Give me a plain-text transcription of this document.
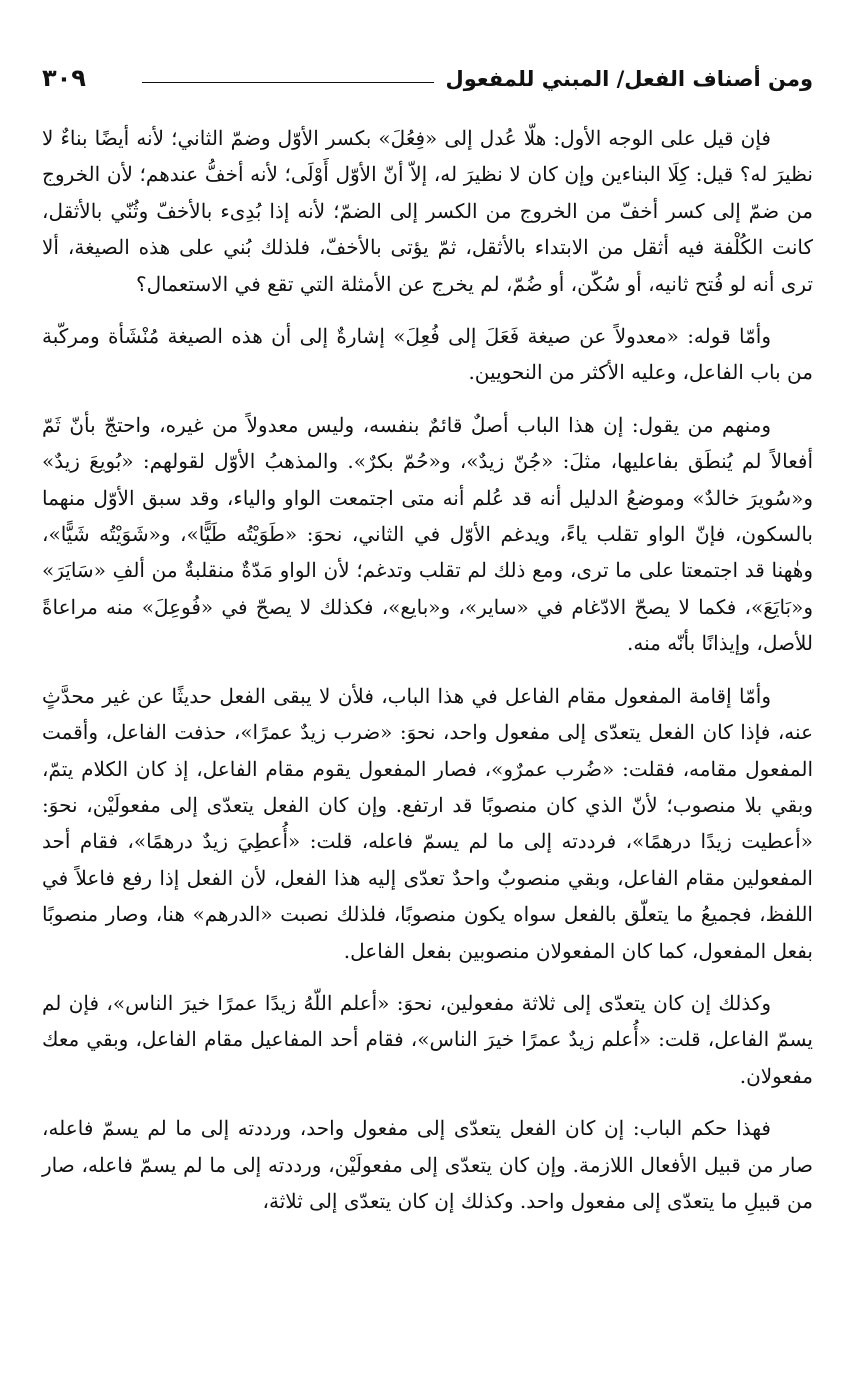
ومن أصناف الفعل/ المبني للمفعول
٣٠٩

فإن قيل على الوجه الأول: هلّا عُدل إلى «فِعُلَ» بكسر الأوّل وضمّ الثاني؛ لأنه أيضًا بناءٌ لا نظيرَ له؟ قيل: كِلَا البناءين وإن كان لا نظيرَ له، إلاّ أنّ الأوّل أَوْلَى؛ لأنه أخفُّ عندهم؛ لأن الخروج من ضمّ إلى كسر أخفّ من الخروج من الكسر إلى الضمّ؛ لأنه إذا بُدِىء بالأخفّ وثُنّي بالأثقل، كانت الكُلْفة فيه أثقل من الابتداء بالأثقل، ثمّ يؤتى بالأخفّ، فلذلك بُني على هذه الصيغة، ألا ترى أنه لو فُتح ثانيه، أو سُكّن، أو ضُمّ، لم يخرج عن الأمثلة التي تقع في الاستعمال؟

وأمّا قوله: «معدولاً عن صيغة فَعَلَ إلى فُعِلَ» إشارةٌ إلى أن هذه الصيغة مُنْشَأة ومركّبة من باب الفاعل، وعليه الأكثر من النحويين.

ومنهم من يقول: إن هذا الباب أصلٌ قائمٌ بنفسه، وليس معدولاً من غيره، واحتجّ بأنّ ثَمّ أفعالاً لم يُنطَق بفاعليها، مثلَ: «جُنّ زيدٌ»، و«حُمّ بكرٌ». والمذهبُ الأوّل لقولهم: «بُويعَ زيدٌ» و«سُويرَ خالدٌ» وموضعُ الدليل أنه قد عُلم أنه متى اجتمعت الواو والياء، وقد سبق الأوّل منهما بالسكون، فإنّ الواو تقلب ياءً، ويدغم الأوّل في الثاني، نحوَ: «طَوَيْتُه طَيًّا»، و«شَوَيْتُه شَيًّا»، وهٰهنا قد اجتمعتا على ما ترى، ومع ذلك لم تقلب وتدغم؛ لأن الواو مَدّةٌ منقلبةٌ من ألفِ «سَايَرَ» و«بَايَعَ»، فكما لا يصحّ الادّغام في «ساير»، و«بايع»، فكذلك لا يصحّ في «فُوعِلَ» منه مراعاةً للأصل، وإيذانًا بأنّه منه.

وأمّا إقامة المفعول مقام الفاعل في هذا الباب، فلأن لا يبقى الفعل حديثًا عن غير محدَّثٍ عنه، فإذا كان الفعل يتعدّى إلى مفعول واحد، نحوَ: «ضرب زيدٌ عمرًا»، حذفت الفاعل، وأقمت المفعول مقامه، فقلت: «ضُرب عمرٌو»، فصار المفعول يقوم مقام الفاعل، إذ كان الكلام يتمّ، وبقي بلا منصوب؛ لأنّ الذي كان منصوبًا قد ارتفع. وإن كان الفعل يتعدّى إلى مفعولَيْن، نحوَ: «أعطيت زيدًا درهمًا»، فرددته إلى ما لم يسمّ فاعله، قلت: «أُعطِيَ زيدٌ درهمًا»، فقام أحد المفعولين مقام الفاعل، وبقي منصوبٌ واحدٌ تعدّى إليه هذا الفعل، لأن الفعل إذا رفع فاعلاً في اللفظ، فجميعُ ما يتعلّق بالفعل سواه يكون منصوبًا، فلذلك نصبت «الدرهم» هنا، وصار منصوبًا بفعل المفعول، كما كان المفعولان منصوبين بفعل الفاعل.

وكذلك إن كان يتعدّى إلى ثلاثة مفعولين، نحوَ: «أعلم اللّهُ زيدًا عمرًا خيرَ الناس»، فإن لم يسمّ الفاعل، قلت: «أُعلم زيدٌ عمرًا خيرَ الناس»، فقام أحد المفاعيل مقام الفاعل، وبقي معك مفعولان.

فهذا حكم الباب: إن كان الفعل يتعدّى إلى مفعول واحد، ورددته إلى ما لم يسمّ فاعله، صار من قبيل الأفعال اللازمة. وإن كان يتعدّى إلى مفعولَيْن، ورددته إلى ما لم يسمّ فاعله، صار من قبيلِ ما يتعدّى إلى مفعول واحد. وكذلك إن كان يتعدّى إلى ثلاثة،
